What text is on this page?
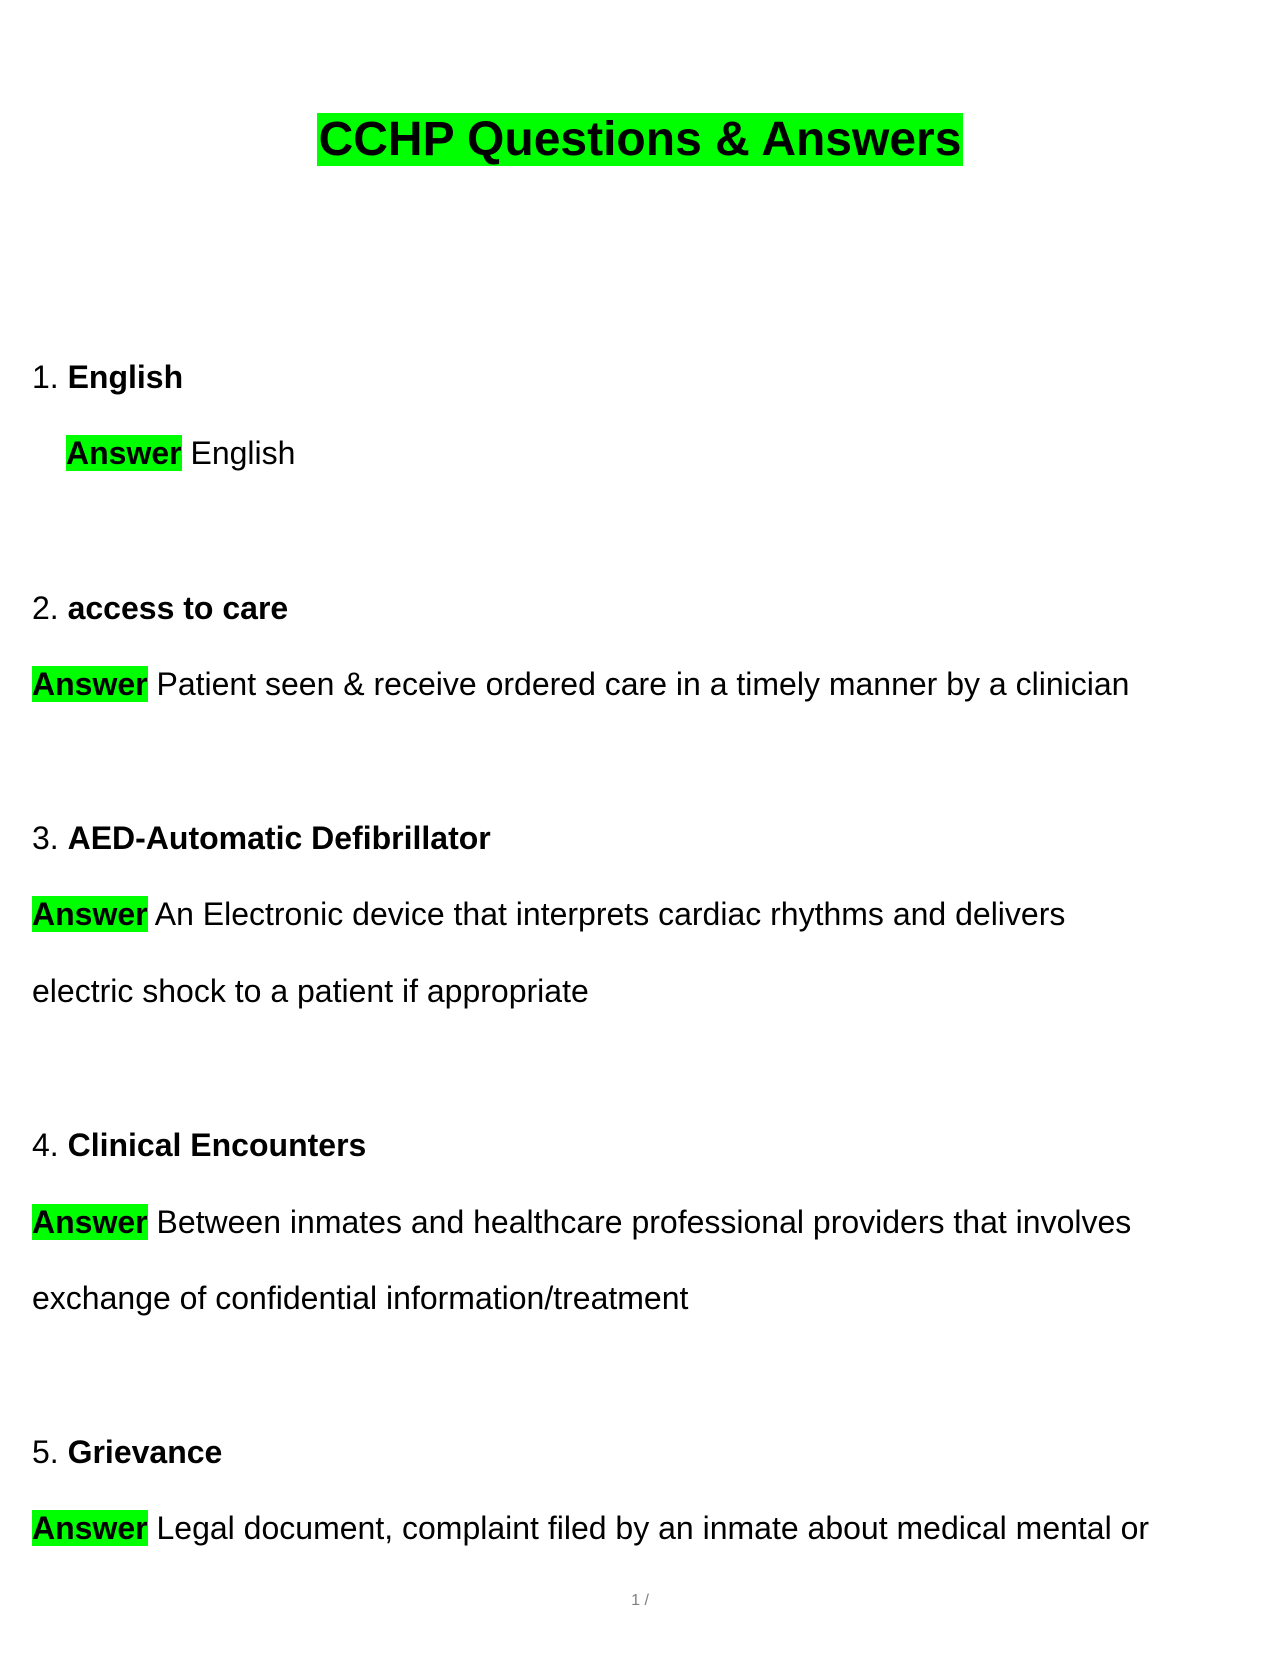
CCHP Questions & Answers

1. English

Answer English

2. access to care

Answer Patient seen & receive ordered care in a timely manner by a clinician

3. AED-Automatic Defibrillator

Answer An Electronic device that interprets cardiac rhythms and delivers

electric shock to a patient if appropriate

4. Clinical Encounters

Answer Between inmates and healthcare professional providers that involves

exchange of confidential information/treatment

5. Grievance

Answer Legal document, complaint filed by an inmate about medical mental or

1 /
